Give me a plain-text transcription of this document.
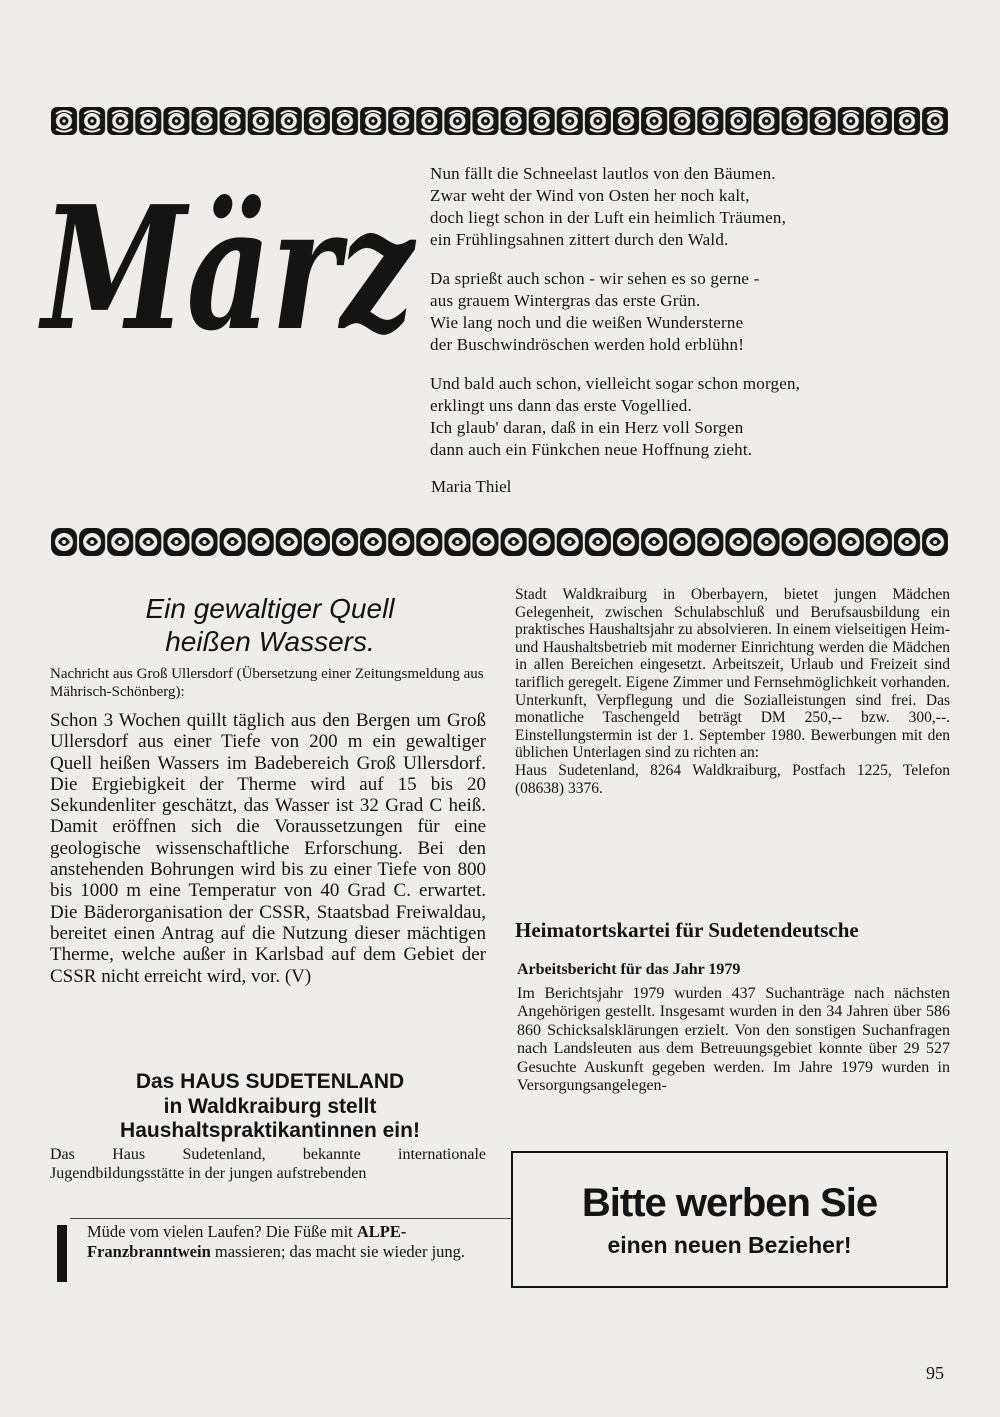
März Nun fällt die Schneelast lautlos von den Bäumen.
Zwar weht der Wind von Osten her noch kalt,
doch liegt schon in der Luft ein heimlich Träumen,
ein Frühlingsahnen zittert durch den Wald.
Da sprießt auch schon - wir sehen es so gerne -
aus grauem Wintergras das erste Grün.
Wie lang noch und die weißen Wundersterne
der Buschwindröschen werden hold erblühn!
Und bald auch schon, vielleicht sogar schon morgen,
erklingt uns dann das erste Vogellied.
Ich glaub' daran, daß in ein Herz voll Sorgen
dann auch ein Fünkchen neue Hoffnung zieht.
Maria Thiel
Ein gewaltiger Quell
heißen Wassers.
Nachricht aus Groß Ullersdorf (Übersetzung einer Zeitungsmeldung aus Mährisch-Schönberg):
Schon 3 Wochen quillt täglich aus den Bergen um Groß Ullersdorf aus einer Tiefe von 200 m ein gewaltiger Quell heißen Wassers im Badebereich Groß Ullersdorf. Die Ergiebigkeit der Therme wird auf 15 bis 20 Sekundenliter geschätzt, das Wasser ist 32 Grad C heiß. Damit eröffnen sich die Voraussetzungen für eine geologische wissenschaftliche Erforschung. Bei den anstehenden Bohrungen wird bis zu einer Tiefe von 800 bis 1000 m eine Temperatur von 40 Grad C. erwartet. Die Bäderorganisation der CSSR, Staatsbad Freiwaldau, bereitet einen Antrag auf die Nutzung dieser mächtigen Therme, welche außer in Karlsbad auf dem Gebiet der CSSR nicht erreicht wird, vor. (V)
Das HAUS SUDETENLAND
in Waldkraiburg stellt
Haushaltspraktikantinnen ein!
Das Haus Sudetenland, bekannte internationale Jugendbildungsstätte in der jungen aufstrebenden
Müde vom vielen Laufen? Die Füße mit ALPE-Franzbranntwein massieren; das macht sie wieder jung.
Stadt Waldkraiburg in Oberbayern, bietet jungen Mädchen Gelegenheit, zwischen Schulabschluß und Berufsausbildung ein praktisches Haushaltsjahr zu absolvieren. In einem vielseitigen Heim- und Haushaltsbetrieb mit moderner Einrichtung werden die Mädchen in allen Bereichen eingesetzt. Arbeitszeit, Urlaub und Freizeit sind tariflich geregelt. Eigene Zimmer und Fernsehmöglichkeit vorhanden. Unterkunft, Verpflegung und die Sozialleistungen sind frei. Das monatliche Taschengeld beträgt DM 250,-- bzw. 300,--. Einstellungstermin ist der 1. September 1980. Bewerbungen mit den üblichen Unterlagen sind zu richten an:
Haus Sudetenland, 8264 Waldkraiburg, Postfach 1225, Telefon (08638) 3376.
Heimatortskartei für Sudetendeutsche
Arbeitsbericht für das Jahr 1979
Im Berichtsjahr 1979 wurden 437 Suchanträge nach nächsten Angehörigen gestellt. Insgesamt wurden in den 34 Jahren über 586 860 Schicksalsklärungen erzielt. Von den sonstigen Suchanfragen nach Landsleuten aus dem Betreuungsgebiet konnte über 29 527 Gesuchte Auskunft gegeben werden. Im Jahre 1979 wurden in Versorgungsangelegen-
Bitte werben Sie
einen neuen Bezieher!
95
